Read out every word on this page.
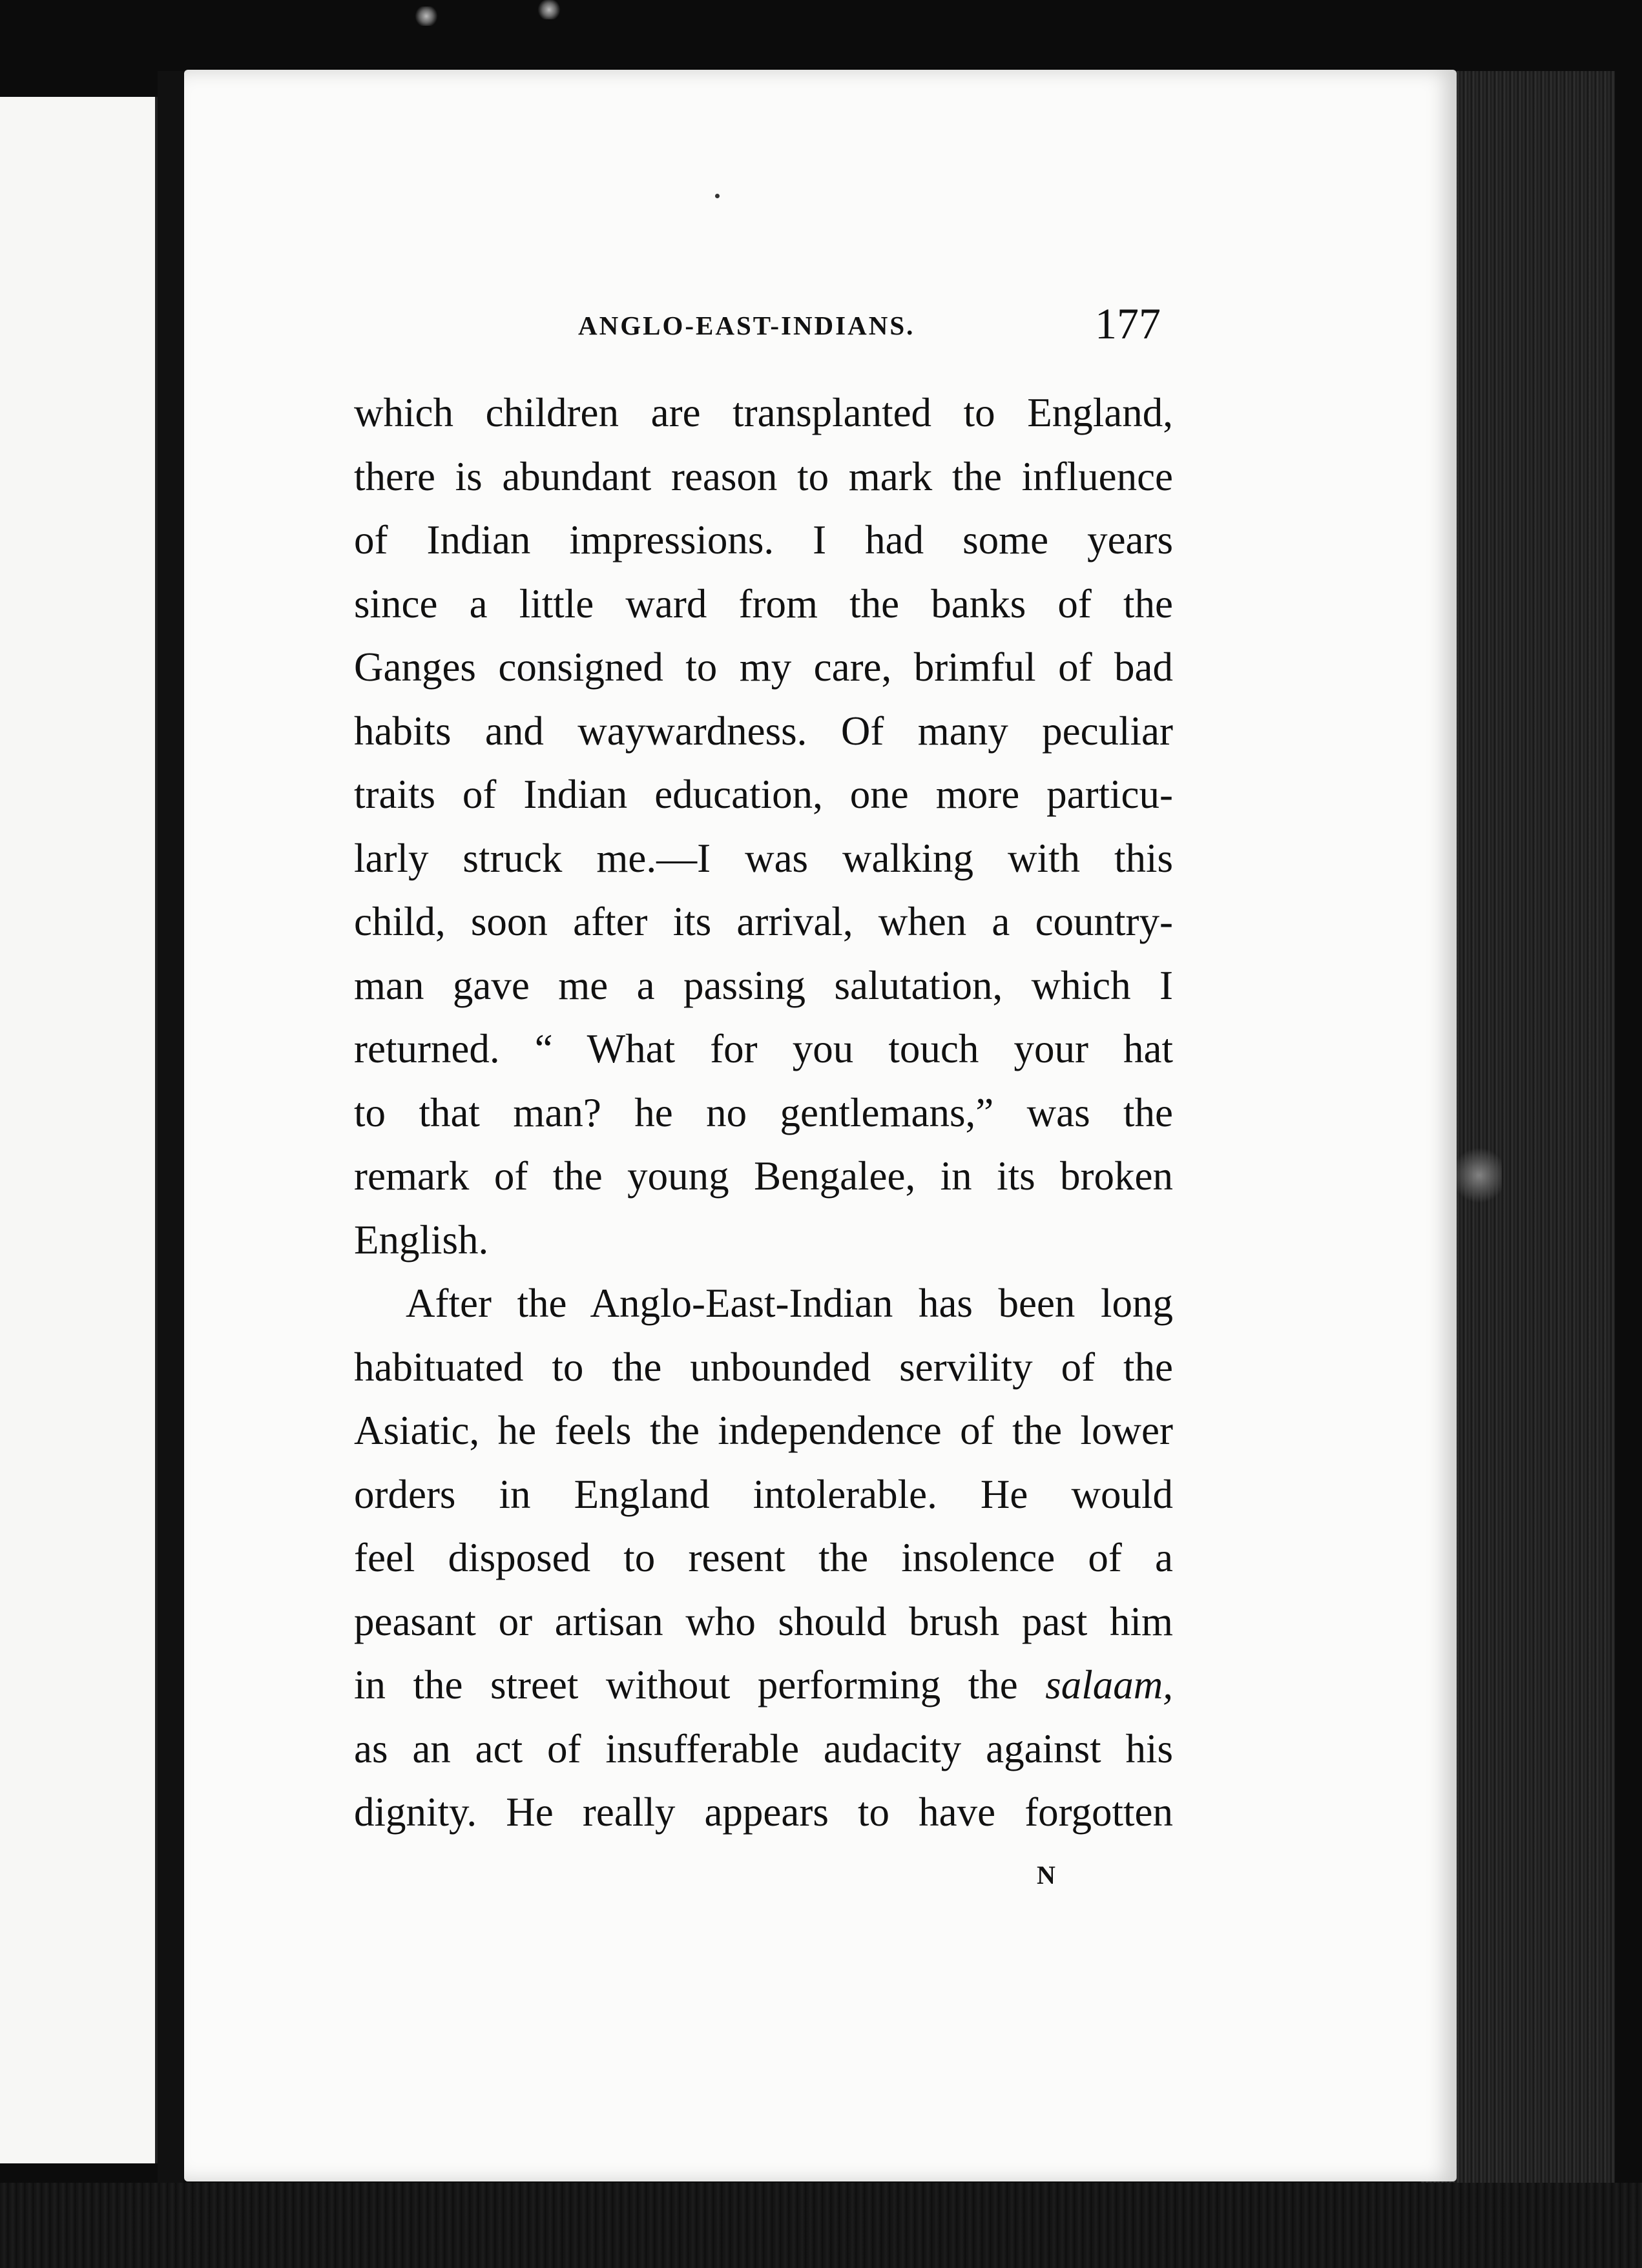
ANGLO-EAST-INDIANS.	177
which children are transplanted to England,
there is abundant reason to mark the influence
of Indian impressions. I had some years
since a little ward from the banks of the
Ganges consigned to my care, brimful of bad
habits and waywardness. Of many peculiar
traits of Indian education, one more particu-
larly struck me.—I was walking with this
child, soon after its arrival, when a country-
man gave me a passing salutation, which I
returned. “ What for you touch your hat
to that man? he no gentlemans,” was the
remark of the young Bengalee, in its broken
English.
After the Anglo-East-Indian has been long
habituated to the unbounded servility of the
Asiatic, he feels the independence of the lower
orders in England intolerable. He would
feel disposed to resent the insolence of a
peasant or artisan who should brush past him
in the street without performing the salaam,
as an act of insufferable audacity against his
dignity. He really appears to have forgotten
N
